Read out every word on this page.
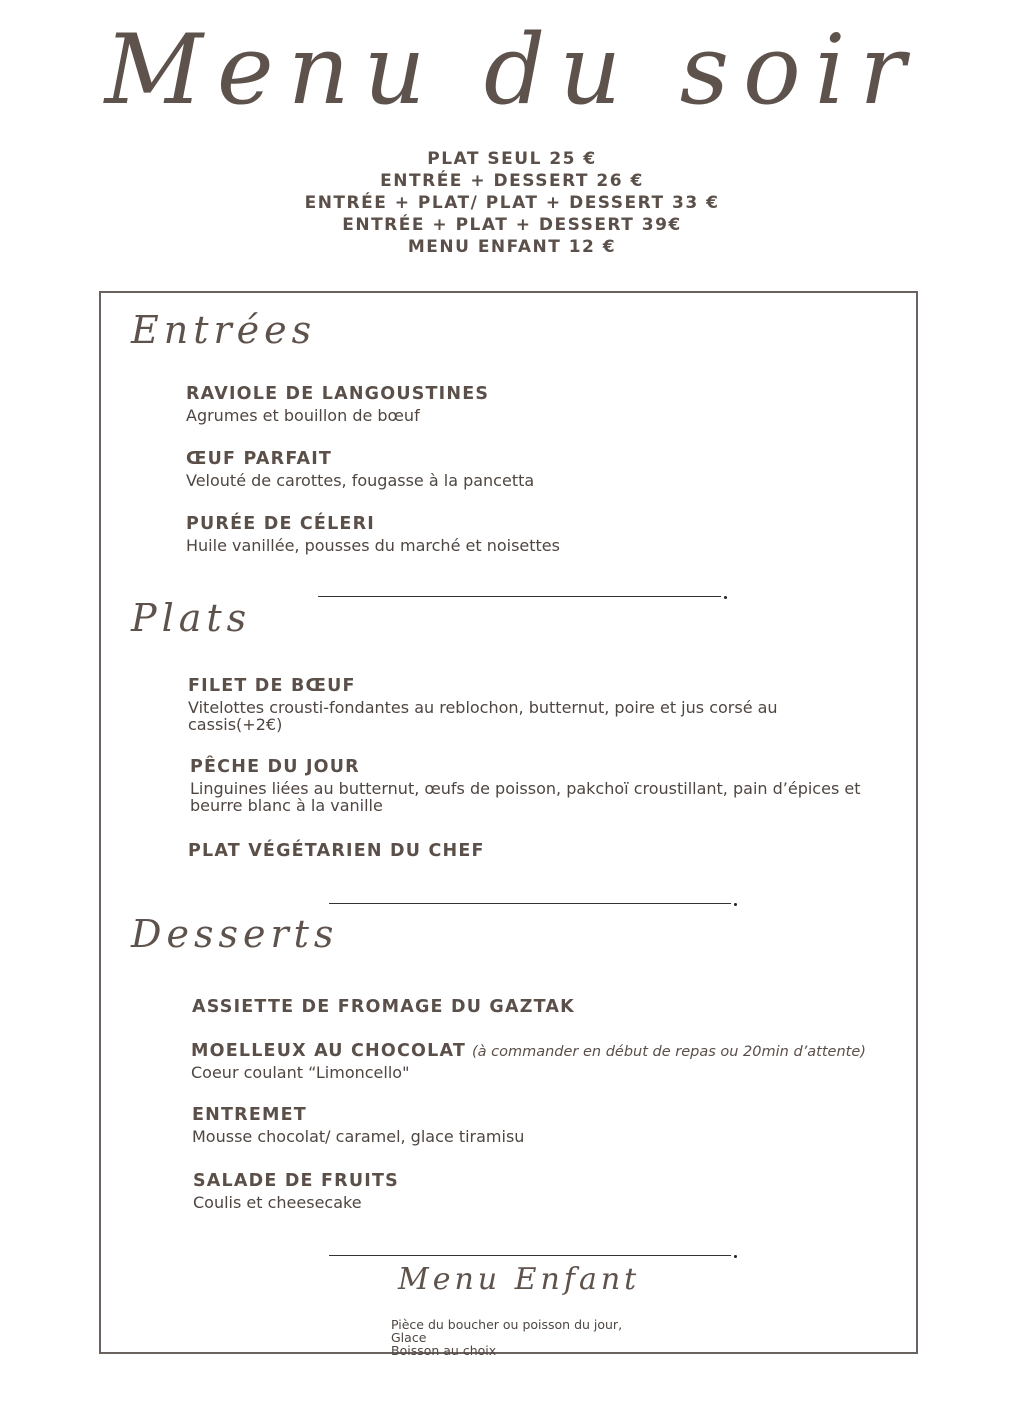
Menu du soir
PLAT SEUL 25 €
ENTRÉE + DESSERT 26 €
ENTRÉE + PLAT/ PLAT + DESSERT 33 €
ENTRÉE + PLAT + DESSERT 39€
MENU ENFANT 12 €
Entrées
RAVIOLE DE LANGOUSTINES
Agrumes et bouillon de bœuf
ŒUF PARFAIT
Velouté de carottes, fougasse à la pancetta
PURÉE DE CÉLERI
Huile vanillée, pousses du marché et noisettes
Plats
FILET DE BŒUF
Vitelottes crousti-fondantes au reblochon, butternut, poire et jus corsé au cassis(+2€)
PÊCHE DU JOUR
Linguines liées au butternut, œufs de poisson, pakchoï croustillant, pain d’épices et beurre blanc à la vanille
PLAT VÉGÉTARIEN DU CHEF
Desserts
ASSIETTE DE FROMAGE DU GAZTAK
MOELLEUX AU CHOCOLAT (à commander en début de repas ou 20min d’attente)
Coeur coulant “Limoncello"
ENTREMET
Mousse chocolat/ caramel, glace tiramisu
SALADE DE FRUITS
Coulis et cheesecake
Menu Enfant
Pièce du boucher ou poisson du jour,
Glace
Boisson au choix
